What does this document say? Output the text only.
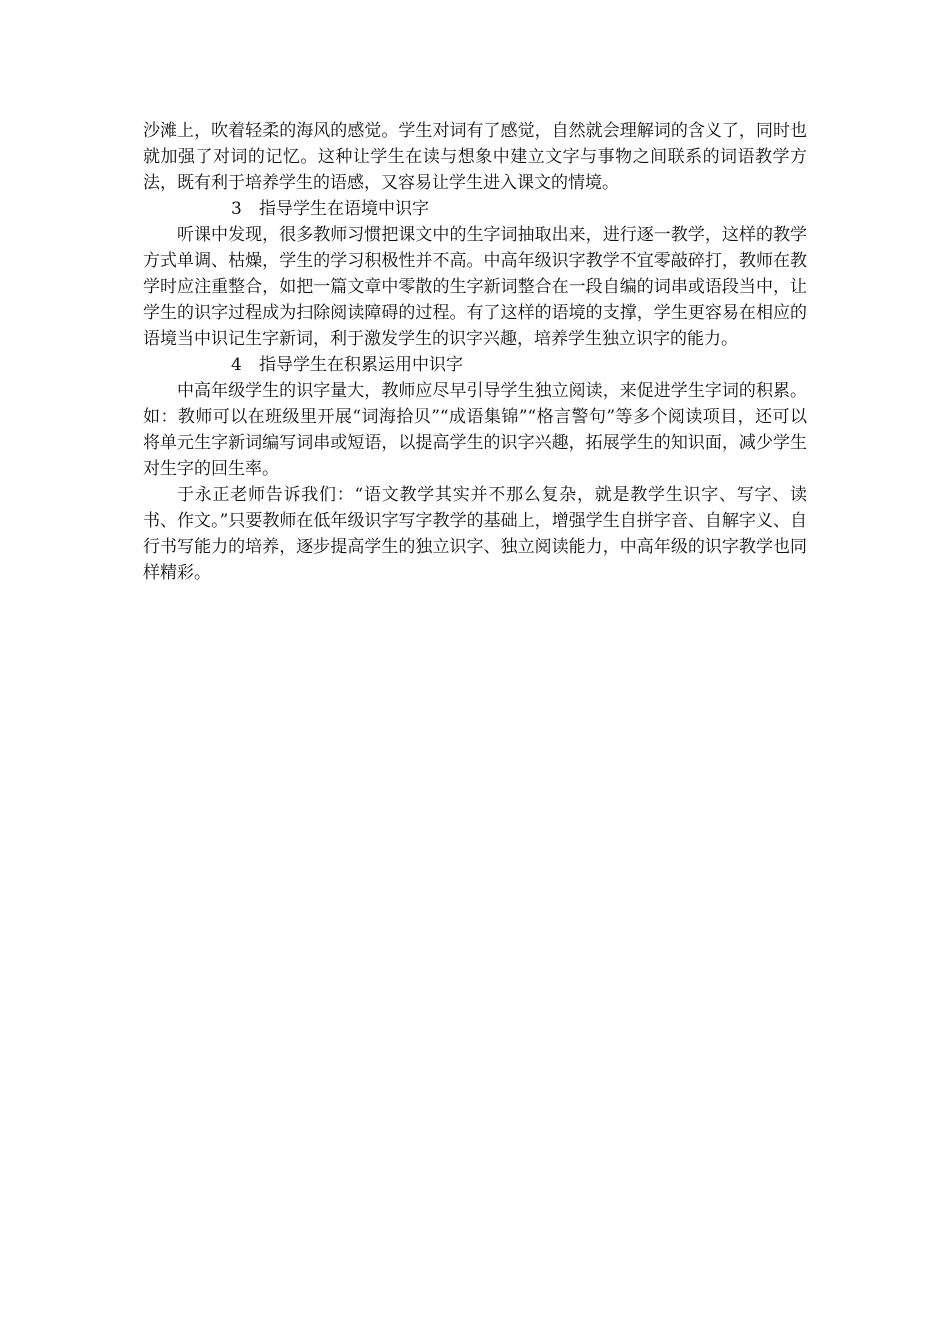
沙滩上，吹着轻柔的海风的感觉。学生对词有了感觉，自然就会理解词的含义了，同时也就加强了对词的记忆。这种让学生在读与想象中建立文字与事物之间联系的词语教学方法，既有利于培养学生的语感，又容易让学生进入课文的情境。

3 指导学生在语境中识字

听课中发现，很多教师习惯把课文中的生字词抽取出来，进行逐一教学，这样的教学方式单调、枯燥，学生的学习积极性并不高。中高年级识字教学不宜零敲碎打，教师在教学时应注重整合，如把一篇文章中零散的生字新词整合在一段自编的词串或语段当中，让学生的识字过程成为扫除阅读障碍的过程。有了这样的语境的支撑，学生更容易在相应的语境当中识记生字新词，利于激发学生的识字兴趣，培养学生独立识字的能力。

4 指导学生在积累运用中识字

中高年级学生的识字量大，教师应尽早引导学生独立阅读，来促进学生字词的积累。如：教师可以在班级里开展“词海拾贝”“成语集锦”“格言警句”等多个阅读项目，还可以将单元生字新词编写词串或短语，以提高学生的识字兴趣，拓展学生的知识面，减少学生对生字的回生率。

于永正老师告诉我们：“语文教学其实并不那么复杂，就是教学生识字、写字、读书、作文。”只要教师在低年级识字写字教学的基础上，增强学生自拼字音、自解字义、自行书写能力的培养，逐步提高学生的独立识字、独立阅读能力，中高年级的识字教学也同样精彩。
